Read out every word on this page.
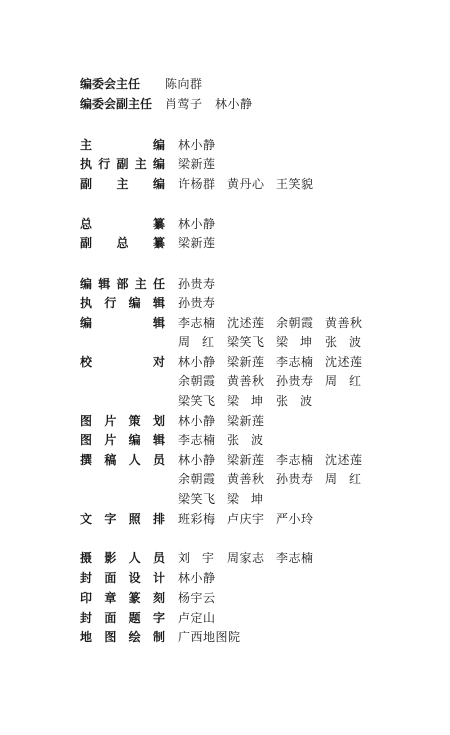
编委会主任 陈向群
编委会副主任 肖莺子 林小静
主编 林小静
执行副主编 梁新莲
副主编 许杨群 黄丹心 王笑貌
总纂 林小静
副总纂 梁新莲
编辑部主任 孙贵寿
执行编辑 孙贵寿
编辑 李志楠 沈述莲 余朝霞 黄善秋
周红 梁笑飞 梁坤 张波
校对 林小静 梁新莲 李志楠 沈述莲
余朝霞 黄善秋 孙贵寿 周红
梁笑飞 梁坤 张波
图片策划 林小静 梁新莲
图片编辑 李志楠 张波
撰稿人员 林小静 梁新莲 李志楠 沈述莲
余朝霞 黄善秋 孙贵寿 周红
梁笑飞 梁坤
文字照排 班彩梅 卢庆宇 严小玲
摄影人员 刘宇 周家志 李志楠
封面设计 林小静
印章篆刻 杨宇云
封面题字 卢定山
地图绘制 广西地图院
